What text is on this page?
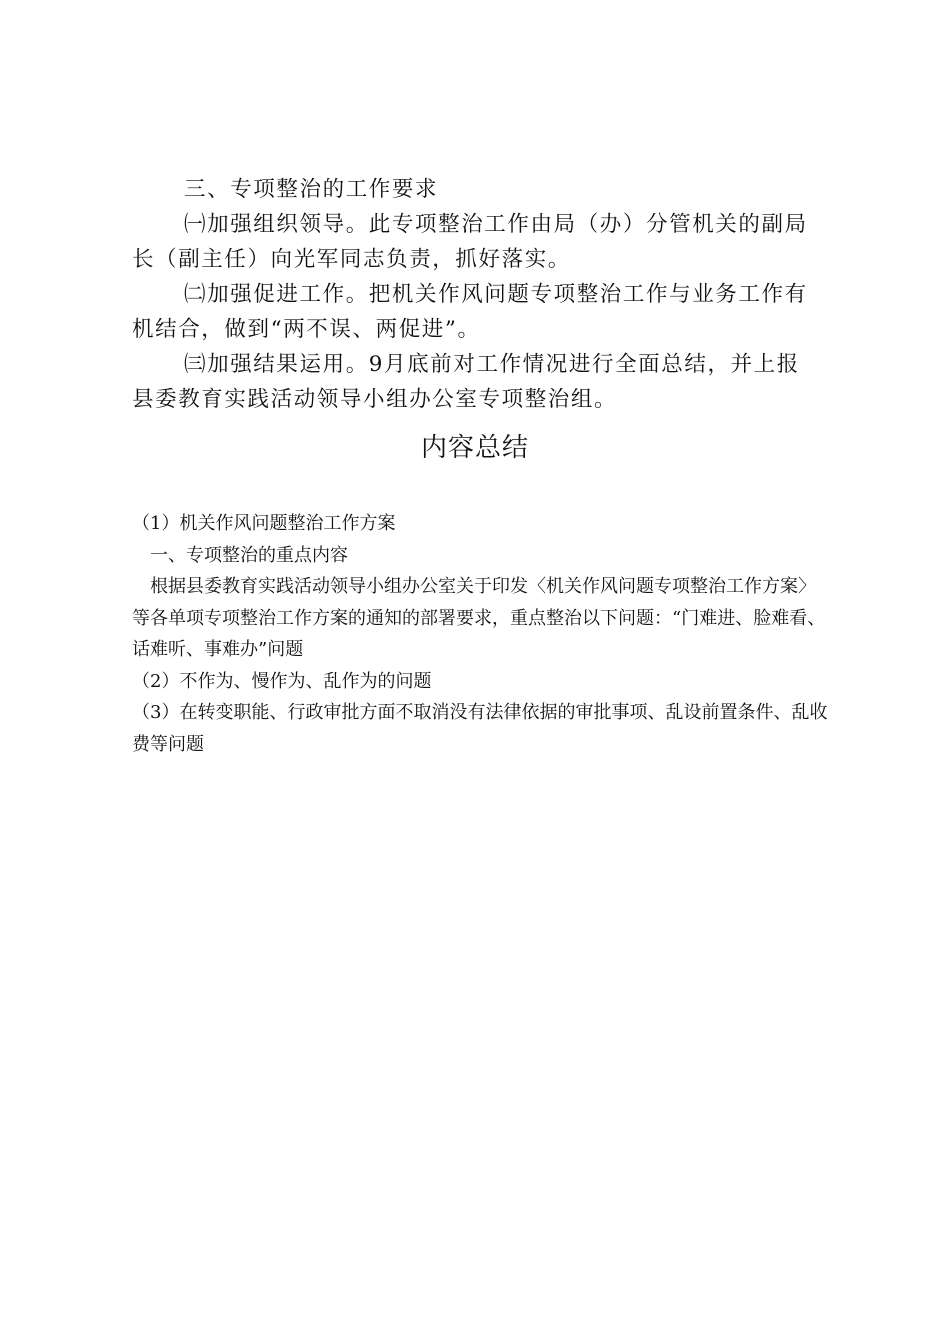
三、专项整治的工作要求

㈠加强组织领导。此专项整治工作由局（办）分管机关的副局长（副主任）向光军同志负责，抓好落实。

㈡加强促进工作。把机关作风问题专项整治工作与业务工作有机结合，做到“两不误、两促进”。

㈢加强结果运用。9月底前对工作情况进行全面总结，并上报县委教育实践活动领导小组办公室专项整治组。

内容总结

（1）机关作风问题整治工作方案

一、专项整治的重点内容

根据县委教育实践活动领导小组办公室关于印发〈机关作风问题专项整治工作方案〉等各单项专项整治工作方案的通知的部署要求，重点整治以下问题：“门难进、脸难看、话难听、事难办”问题

（2）不作为、慢作为、乱作为的问题

（3）在转变职能、行政审批方面不取消没有法律依据的审批事项、乱设前置条件、乱收费等问题
